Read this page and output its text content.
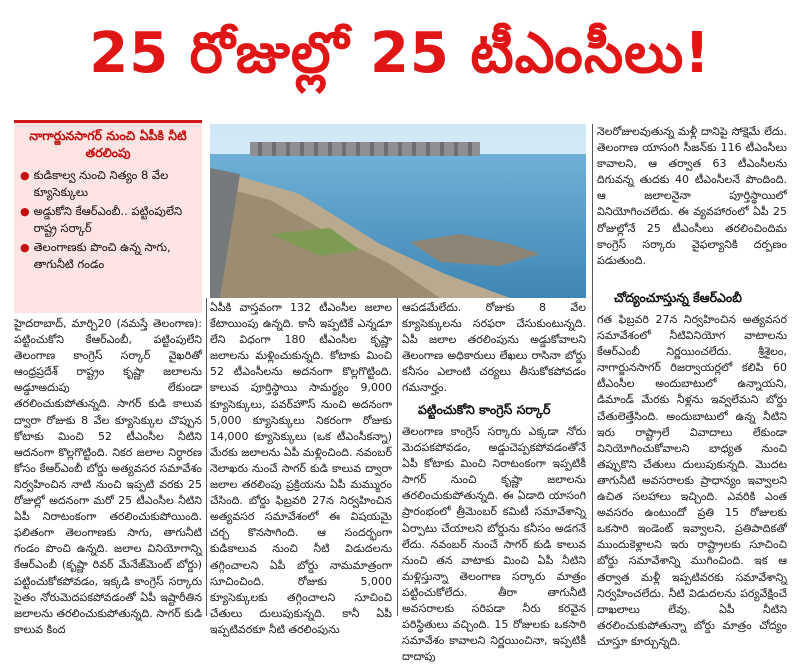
25 రోజుల్లో 25 టీఎంసీలు!
నాగార్జునసాగర్ నుంచి ఏపీకి నీటి తరలింపు
● కుడికాల్వ నుంచి నిత్యం 8 వేల క్యూసెక్కులు
● అడ్డుకోని కేఆర్ఎంబీ.. పట్టింపులేని రాష్ట్ర సర్కార్
● తెలంగాణకు పొంచి ఉన్న సాగు, తాగునీటి గండం

హైదరాబాద్, మార్చి20 (నమస్తే తెలంగాణ): పట్టించుకోని కేఆర్ఎంబీ, పట్టింపులేని తెలంగాణ కాంగ్రెస్ సర్కార్ వైఖరితో ఆంధ్రప్రదేశ్ రాష్ట్రం కృష్ణా జలాలను అడ్డూఅదుపు లేకుండా తరలించుకుపోతున్నది. సాగర్ కుడి కాలువ ద్వారా రోజుకు 8 వేల క్యూసెక్కుల చొప్పున కోటాకు మించి 52 టీఎంసీల నీటిని ఆదనంగా కొల్లగొట్టింది. నికర జలాల నిర్ధారణ కోసం కేఆర్ఎంబీ బోర్డు అత్యవసర సమావేశం నిర్వహించిన నాటి నుంచి ఇప్పటి వరకు 25 రోజుల్లో అదనంగా మరో 25 టీఎంసీల నీటిని ఏపీ నిరాటంకంగా తరలించుకుపోయింది. ఫలితంగా తెలంగాణకు సాగు, తాగునీటి గండం పొంచి ఉన్నది. జలాల వినియోగాన్ని కేఆర్ఎంబీ (కృష్ణా రివర్ మేనేజ్‌మెంట్ బోర్డు) పట్టించుకోకపోవడం, ఇక్కడి కాంగ్రెస్ సర్కారు సైతం నోరుమెదపకపోవడంతో ఏపీ ఇష్టారీతిన జలాలను తరలించుకుపోతున్నది. సాగర్ కుడి కాలువ కింద

ఏపీకి వాస్తవంగా 132 టీఎంసీల జలాల కేటాయింపు ఉన్నది. కానీ ఇప్పటికే ఎన్నడూ లేని విధంగా 180 టీఎంసీల కృష్ణా జలాలను మళ్లించుకున్నది. కోటాకు మించి 52 టీఎంసీలను అదనంగా కొల్లగొట్టింది. కాలువ పూర్తిస్థాయి సామర్థ్యం 9,000 క్యూసెక్కులు, పవర్‌హౌస్ నుంచి అదనంగా 5,000 క్యూసెక్కులు నికరంగా రోజుకు 14,000 క్యూసెక్కులు (ఒక టీఎంసీకన్నా) మేరకు జలాలను ఏపీ మళ్లించింది. నవంబర్ నెలాఖరు నుంచే సాగర్ కుడి కాలువ ద్వారా జలాల తరలింపు ప్రక్రియను ఏపీ మమ్మురం చేసింది. బోర్డు ఫిబ్రవరి 27న నిర్వహించిన అత్యవసర సమావేశంలో ఈ విషయమై చర్చ కొనసాగింది. ఆ సందర్భంగా కుడికాలువ నుంచి నీటి విడుదలను తగ్గించాలని ఏపీ బోర్డు నామమాత్రంగా సూచించింది. రోజుకు 5,000 క్యూసెక్కులకు తగ్గించాలని సూచించి చేతులు దులుపుకున్నది. కానీ ఏపీ ఇప్పటివరకూ నీటి తరలింపును

ఆపడమేలేదు. రోజుకు 8 వేల క్యూసెక్కులను సరఫరా చేసుకుంటున్నది. ఏపీ జలాల తరలింపును అడ్డుకోవాలని తెలంగాణ అధికారులు లేఖలు రాసినా బోర్డు కనీసం ఎలాంటి చర్యలు తీసుకోకపోవడం గమనార్హం.

పట్టించుకోని కాంగ్రెస్ సర్కార్

తెలంగాణ కాంగ్రెస్ సర్కారు ఎక్కడా నోరు మెదపకపోవడం, అడ్డుచెప్పకపోవడంతోనే ఏపీ కోటాకు మించి నిరాటంకంగా ఇప్పటికీ సాగర్ నుంచి కృష్ణా జలాలను తరలించుకుపోతున్నది. ఈ ఏడాది యాసంగి ప్రారంభంలో త్రీమెంబర్ కమిటీ సమావేశాన్ని ఏర్పాటు చేయాలని బోర్డును కనీసం అడగనే లేదు. నవంబర్ నుంచే సాగర్ కుడి కాలువ నుంచి తన వాటాకు మించి ఏపీ నీటిని మళ్లిస్తున్నా తెలంగాణ సర్కారు మాత్రం పట్టించుకోలేదు. తీరా తాగునీటి అవసరాలకు సరిపడా నీరు కరవైన పరిస్థితులు వచ్చింది. 15 రోజులకు ఒకసారి సమావేశం కావాలని నిర్ణయించినా, ఇప్పటికీ దాదాపు

నెలరోజులవుతున్న మళ్లీ దానిపై సోక్షెమే లేదు. తెలంగాణ యాసంగి సీజన్‌కు 116 టీఎంసీలు కావాలని, ఆ తర్వాత 63 టీఎంసీలను దిగువన్న తుదకు 40 టీఎంసీలనే పొందింది. ఆ జలాలనైనా పూర్తిస్థాయిలో వినియోగించలేదు. ఈ వ్యవహారంలో ఏపీ 25 రోజుల్లోనే 25 టీఎంసీలు తరలించిందిమ కాంగ్రెస్ సర్కారు వైఫల్యానికి దర్పణం పడుతుంది.

చోద్యంచూస్తున్న కేఆర్ఎంబీ

గత ఫిబ్రవరి 27న నిర్వహించిన అత్యవసర సమావేశంలో నీటివినియోగ వాటాలను కేఆర్ఎంబీ నిర్ణయించలేదు. శ్రీశైలం, నాగార్జునసాగర్ రిజర్వాయర్లలో కలిపి 60 టీఎంసీల అందుబాటులో ఉన్నాయని, డిమాండ్ మేరకు నీళ్లను ఇవ్వలేమని బోర్డు చేతులెత్తేసింది. అందుబాటులో ఉన్న నీటిని ఇరు రాష్ట్రాలే వివాదాలు లేకుండా వినియోగించుకోవాలని బాధ్యత నుంచి తప్పుకొని చేతులు దులుపుకున్నది. మొదట తాగునీటి అవసరాలకు ప్రాధాన్యం ఇవ్వాలని ఉచిత సలహాలు ఇచ్చింది. ఎవరికి ఎంత అవసరం ఉంటుందో ప్రతి 15 రోజులకు ఒకసారి ఇండెంట్ ఇవ్వాలని, ప్రతిపాదికతో ముందుకెళ్లాలని ఇరు రాష్ట్రాలకు సూచించి బోర్డు సమావేశాన్ని ముగించింది. ఇక ఆ తర్వాత మళ్లీ ఇప్పటివరకు సమావేశాన్ని నిర్వహించలేదు. నీటి విడుదలను పర్యవేక్షించే దాఖలాలు లేవు. ఏపీ నీటిని తరలించుకుపోతున్నా బోర్డు మాత్రం చోద్యం చూస్తూ కూర్చున్నది.
